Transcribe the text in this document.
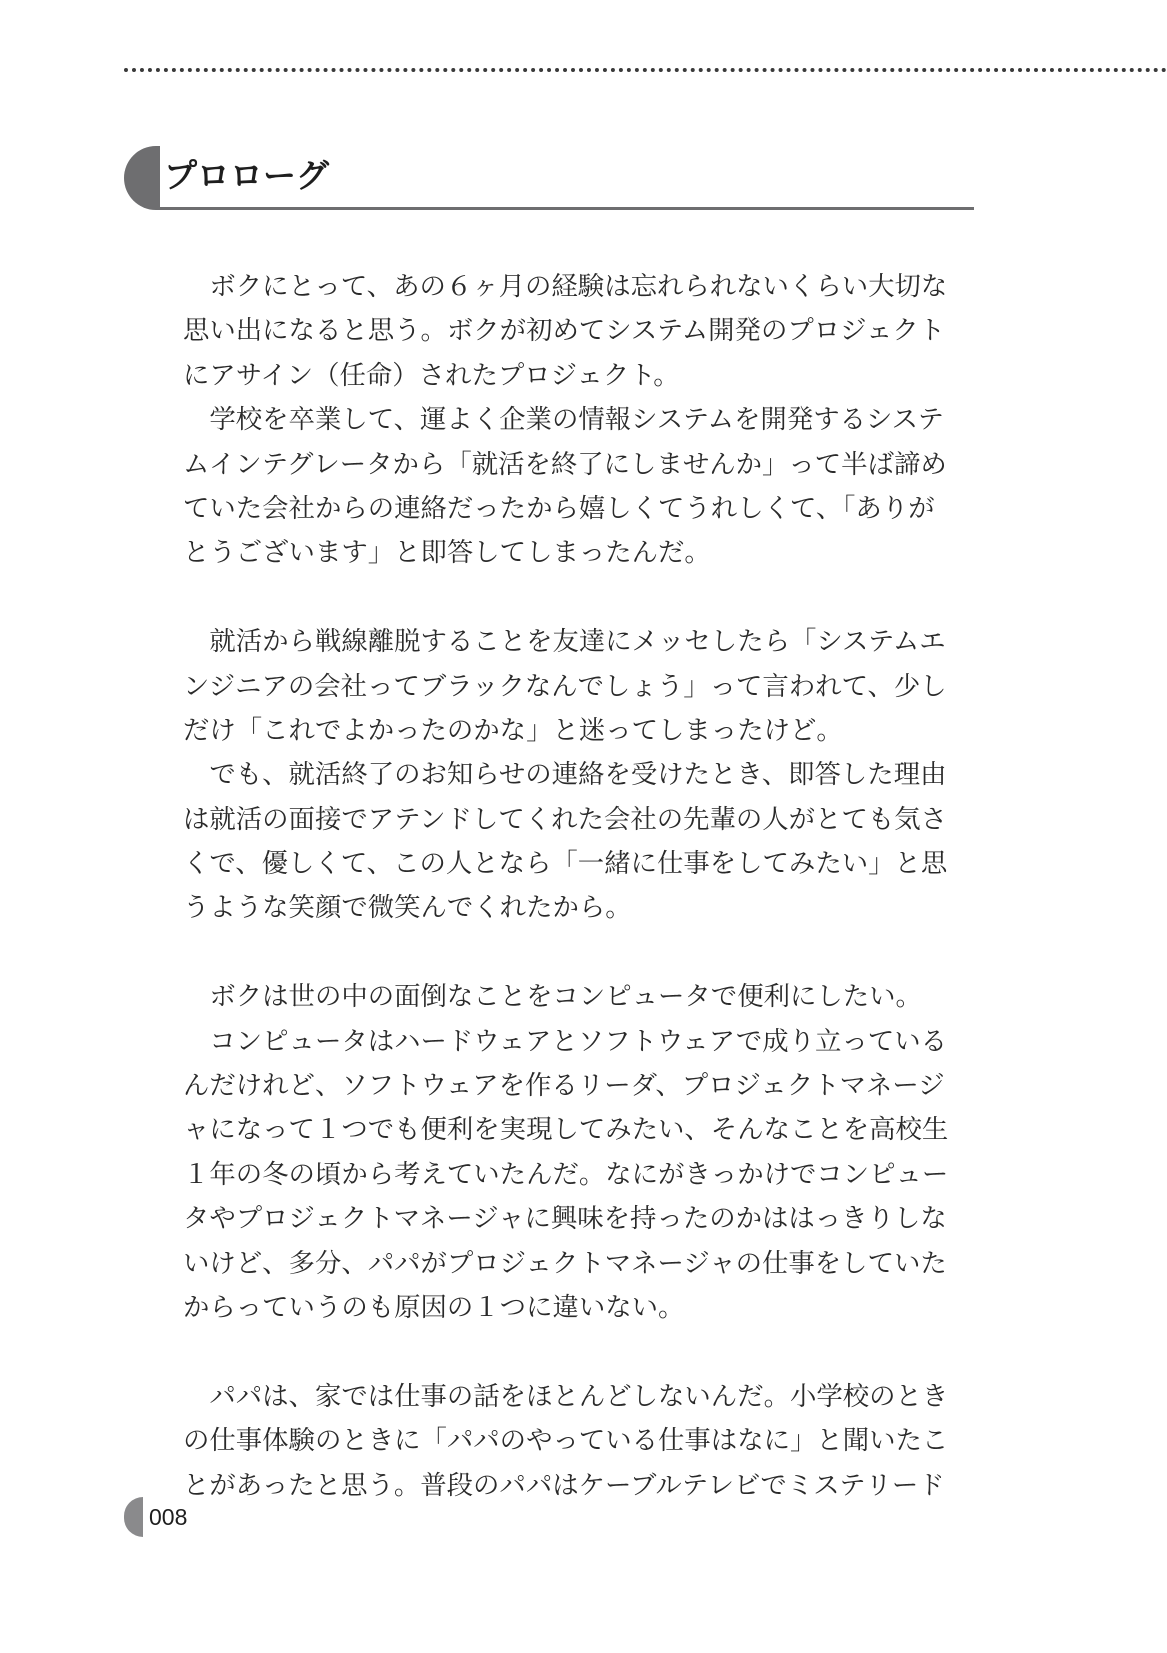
プロローグ
　ボクにとって、あの６ヶ月の経験は忘れられないくらい大切な
思い出になると思う。ボクが初めてシステム開発のプロジェクト
にアサイン（任命）されたプロジェクト。
　学校を卒業して、運よく企業の情報システムを開発するシステ
ムインテグレータから「就活を終了にしませんか」って半ば諦め
ていた会社からの連絡だったから嬉しくてうれしくて、「ありが
とうございます」と即答してしまったんだ。
　就活から戦線離脱することを友達にメッセしたら「システムエ
ンジニアの会社ってブラックなんでしょう」って言われて、少し
だけ「これでよかったのかな」と迷ってしまったけど。
　でも、就活終了のお知らせの連絡を受けたとき、即答した理由
は就活の面接でアテンドしてくれた会社の先輩の人がとても気さ
くで、優しくて、この人となら「一緒に仕事をしてみたい」と思
うような笑顔で微笑んでくれたから。
　ボクは世の中の面倒なことをコンピュータで便利にしたい。
　コンピュータはハードウェアとソフトウェアで成り立っている
んだけれど、ソフトウェアを作るリーダ、プロジェクトマネージ
ャになって１つでも便利を実現してみたい、そんなことを高校生
１年の冬の頃から考えていたんだ。なにがきっかけでコンピュー
タやプロジェクトマネージャに興味を持ったのかははっきりしな
いけど、多分、パパがプロジェクトマネージャの仕事をしていた
からっていうのも原因の１つに違いない。
　パパは、家では仕事の話をほとんどしないんだ。小学校のとき
の仕事体験のときに「パパのやっている仕事はなに」と聞いたこ
とがあったと思う。普段のパパはケーブルテレビでミステリード
008
